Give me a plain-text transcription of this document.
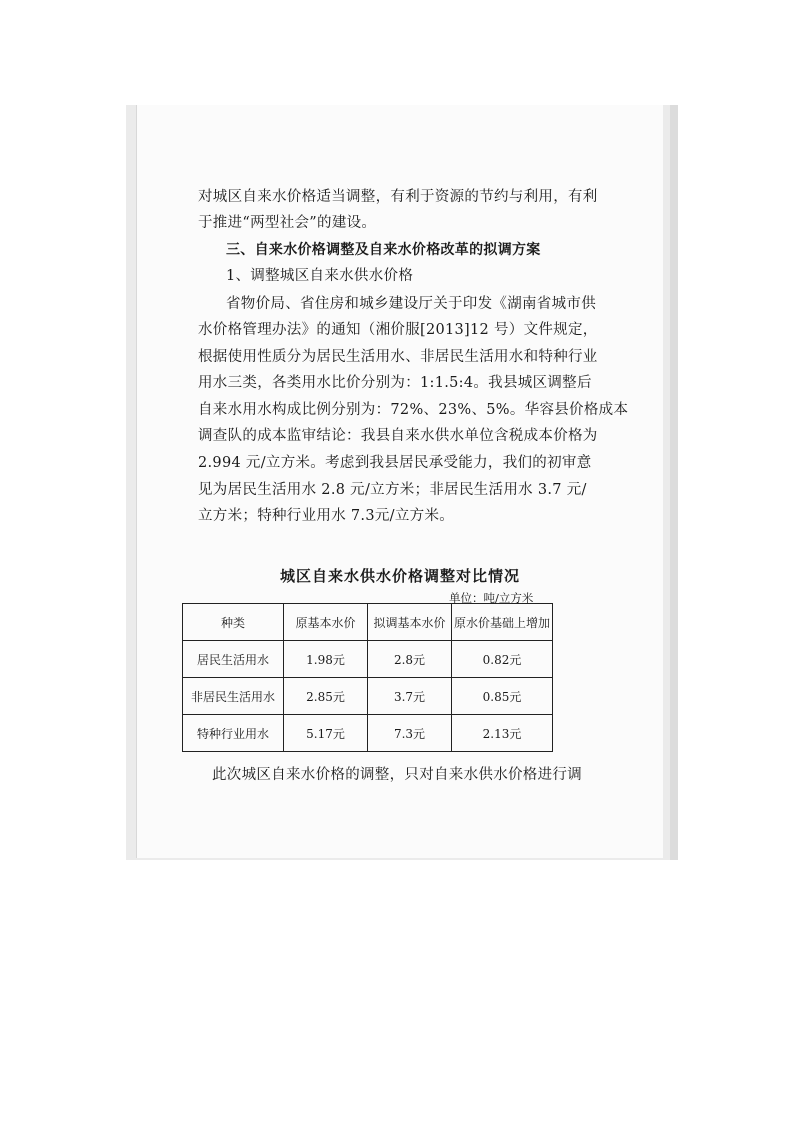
对城区自来水价格适当调整，有利于资源的节约与利用，有利
于推进“两型社会”的建设。
三、自来水价格调整及自来水价格改革的拟调方案
1、调整城区自来水供水价格
省物价局、省住房和城乡建设厅关于印发《湖南省城市供
水价格管理办法》的通知（湘价服[2013]12 号）文件规定，
根据使用性质分为居民生活用水、非居民生活用水和特种行业
用水三类，各类用水比价分别为：1:1.5:4。我县城区调整后
自来水用水构成比例分别为：72%、23%、5%。华容县价格成本
调查队的成本监审结论：我县自来水供水单位含税成本价格为
2.994 元/立方米。考虑到我县居民承受能力，我们的初审意
见为居民生活用水 2.8 元/立方米；非居民生活用水 3.7 元/
立方米；特种行业用水 7.3元/立方米。
城区自来水供水价格调整对比情况
单位：吨/立方米
种类	原基本水价	拟调基本水价	原水价基础上增加
居民生活用水	1.98元	2.8元	0.82元
非居民生活用水	2.85元	3.7元	0.85元
特种行业用水	5.17元	7.3元	2.13元
此次城区自来水价格的调整，只对自来水供水价格进行调
